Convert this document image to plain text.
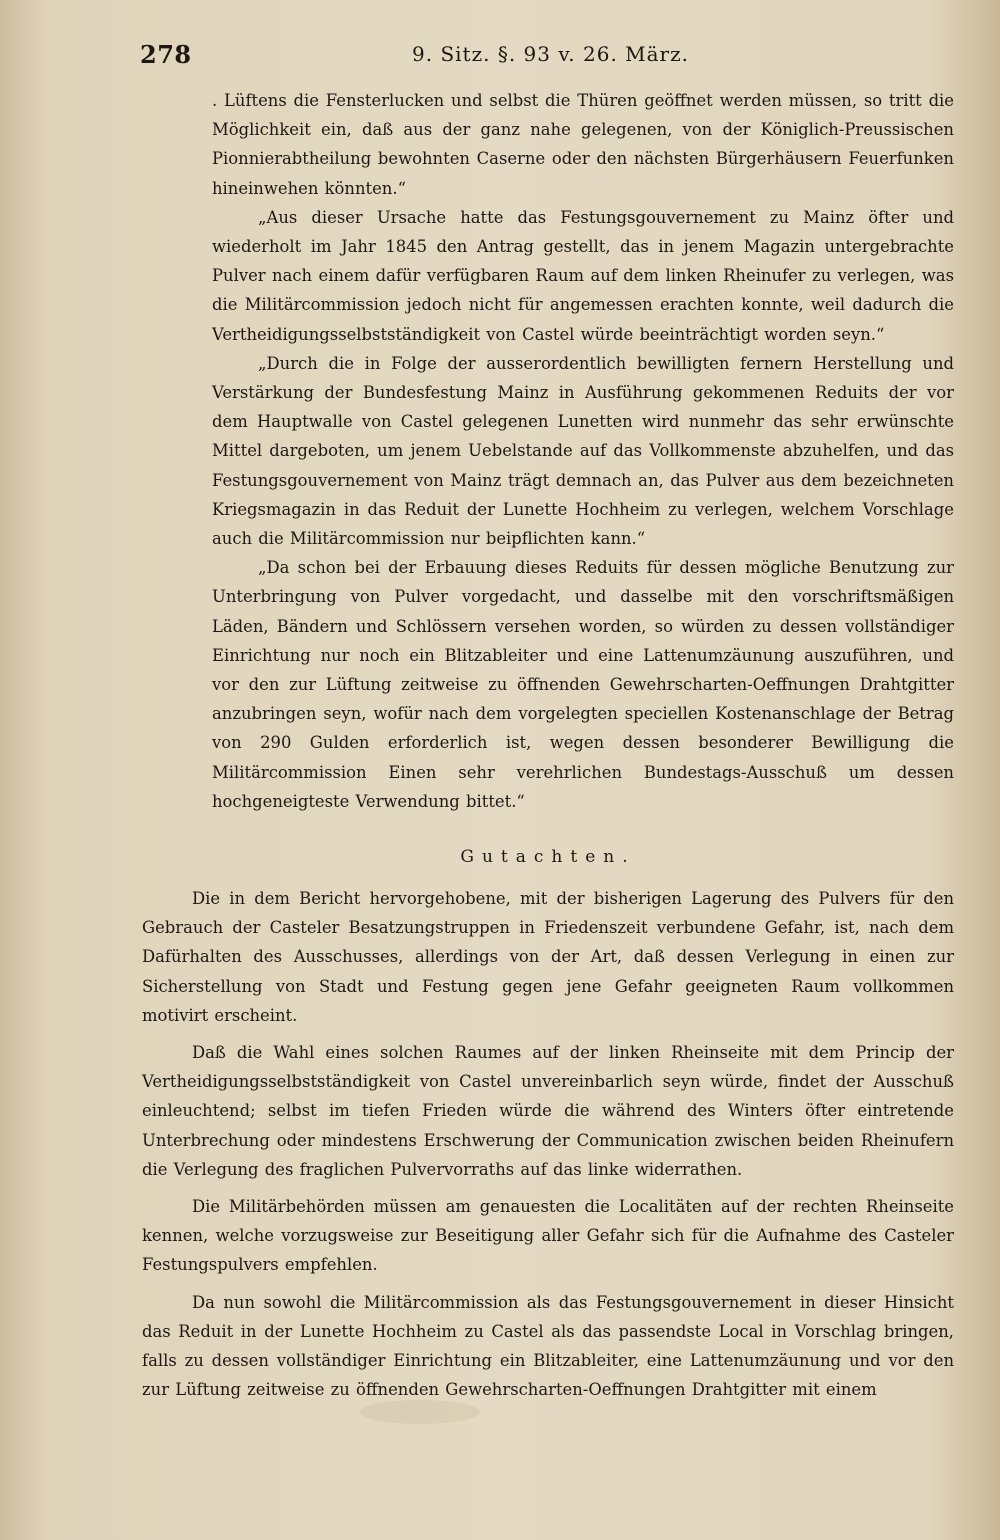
278	9. Sitz. §. 93 v. 26. März.

. Lüftens die Fensterlucken und selbst die Thüren geöffnet werden müssen, so tritt die Möglichkeit ein, daß aus der ganz nahe gelegenen, von der Königlich-Preussischen Pionnierabtheilung bewohnten Caserne oder den nächsten Bürgerhäusern Feuerfunken hineinwehen könnten.“

„Aus dieser Ursache hatte das Festungsgouvernement zu Mainz öfter und wiederholt im Jahr 1845 den Antrag gestellt, das in jenem Magazin untergebrachte Pulver nach einem dafür verfügbaren Raum auf dem linken Rheinufer zu verlegen, was die Militärcommission jedoch nicht für angemessen erachten konnte, weil dadurch die Vertheidigungsselbstständigkeit von Castel würde beeinträchtigt worden seyn.“

„Durch die in Folge der ausserordentlich bewilligten fernern Herstellung und Verstärkung der Bundesfestung Mainz in Ausführung gekommenen Reduits der vor dem Hauptwalle von Castel gelegenen Lunetten wird nunmehr das sehr erwünschte Mittel dargeboten, um jenem Uebelstande auf das Vollkommenste abzuhelfen, und das Festungsgouvernement von Mainz trägt demnach an, das Pulver aus dem bezeichneten Kriegsmagazin in das Reduit der Lunette Hochheim zu verlegen, welchem Vorschlage auch die Militärcommission nur beipflichten kann.“

„Da schon bei der Erbauung dieses Reduits für dessen mögliche Benutzung zur Unterbringung von Pulver vorgedacht, und dasselbe mit den vorschriftsmäßigen Läden, Bändern und Schlössern versehen worden, so würden zu dessen vollständiger Einrichtung nur noch ein Blitzableiter und eine Lattenumzäunung auszuführen, und vor den zur Lüftung zeitweise zu öffnenden Gewehrscharten-Oeffnungen Drahtgitter anzubringen seyn, wofür nach dem vorgelegten speciellen Kostenanschlage der Betrag von 290 Gulden erforderlich ist, wegen dessen besonderer Bewilligung die Militärcommission Einen sehr verehrlichen Bundestags-Ausschuß um dessen hochgeneigteste Verwendung bittet.“

Gutachten.

Die in dem Bericht hervorgehobene, mit der bisherigen Lagerung des Pulvers für den Gebrauch der Casteler Besatzungstruppen in Friedenszeit verbundene Gefahr, ist, nach dem Dafürhalten des Ausschusses, allerdings von der Art, daß dessen Verlegung in einen zur Sicherstellung von Stadt und Festung gegen jene Gefahr geeigneten Raum vollkommen motivirt erscheint.

Daß die Wahl eines solchen Raumes auf der linken Rheinseite mit dem Princip der Vertheidigungsselbstständigkeit von Castel unvereinbarlich seyn würde, findet der Ausschuß einleuchtend; selbst im tiefen Frieden würde die während des Winters öfter eintretende Unterbrechung oder mindestens Erschwerung der Communication zwischen beiden Rheinufern die Verlegung des fraglichen Pulvervorraths auf das linke widerrathen.

Die Militärbehörden müssen am genauesten die Localitäten auf der rechten Rheinseite kennen, welche vorzugsweise zur Beseitigung aller Gefahr sich für die Aufnahme des Casteler Festungspulvers empfehlen.

Da nun sowohl die Militärcommission als das Festungsgouvernement in dieser Hinsicht das Reduit in der Lunette Hochheim zu Castel als das passendste Local in Vorschlag bringen, falls zu dessen vollständiger Einrichtung ein Blitzableiter, eine Lattenumzäunung und vor den zur Lüftung zeitweise zu öffnenden Gewehrscharten-Oeffnungen Drahtgitter mit einem
